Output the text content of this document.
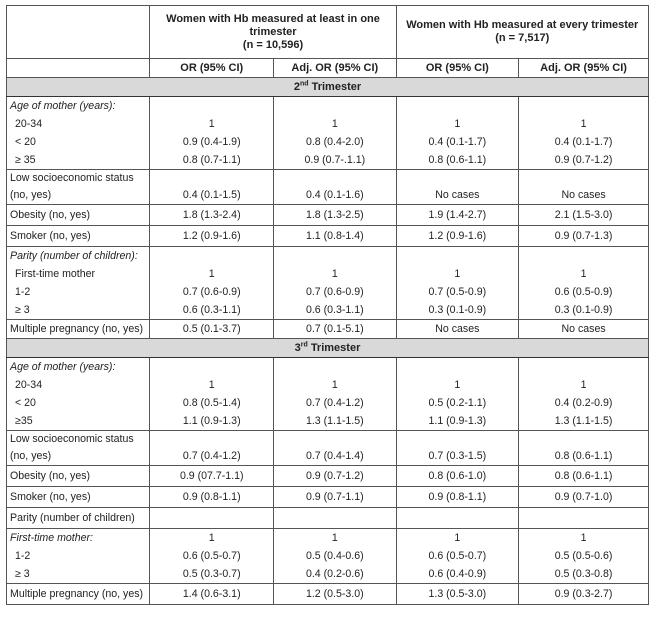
	Women with Hb measured at least in one trimester
(n = 10,596)		Women with Hb measured at every trimester
(n = 7,517)	
	OR (95% CI)	Adj. OR (95% CI)	OR (95% CI)	Adj. OR (95% CI)
2nd Trimester				
Age of mother (years):				
20-34	1	1	1	1
< 20	0.9 (0.4-1.9)	0.8 (0.4-2.0)	0.4 (0.1-1.7)	0.4 (0.1-1.7)
≥ 35	0.8 (0.7-1.1)	0.9 (0.7-.1.1)	0.8 (0.6-1.1)	0.9 (0.7-1.2)
Low socioeconomic status				
(no, yes)	0.4 (0.1-1.5)	0.4 (0.1-1.6)	No cases	No cases
Obesity (no, yes)	1.8 (1.3-2.4)	1.8 (1.3-2.5)	1.9 (1.4-2.7)	2.1 (1.5-3.0)
Smoker (no, yes)	1.2 (0.9-1.6)	1.1 (0.8-1.4)	1.2 (0.9-1.6)	0.9 (0.7-1.3)
Parity (number of children):				
First-time mother	1	1	1	1
1-2	0.7 (0.6-0.9)	0.7 (0.6-0.9)	0.7 (0.5-0.9)	0.6 (0.5-0.9)
≥ 3	0.6 (0.3-1.1)	0.6 (0.3-1.1)	0.3 (0.1-0.9)	0.3 (0.1-0.9)
Multiple pregnancy (no, yes)	0.5 (0.1-3.7)	0.7 (0.1-5.1)	No cases	No cases
3rd Trimester				
Age of mother (years):				
20-34	1	1	1	1
< 20	0.8 (0.5-1.4)	0.7 (0.4-1.2)	0.5 (0.2-1.1)	0.4 (0.2-0.9)
≥35	1.1 (0.9-1.3)	1.3 (1.1-1.5)	1.1 (0.9-1.3)	1.3 (1.1-1.5)
Low socioeconomic status				
(no, yes)	0.7 (0.4-1.2)	0.7 (0.4-1.4)	0.7 (0.3-1.5)	0.8 (0.6-1.1)
Obesity (no, yes)	0.9 (07.7-1.1)	0.9 (0.7-1.2)	0.8 (0.6-1.0)	0.8 (0.6-1.1)
Smoker (no, yes)	0.9 (0.8-1.1)	0.9 (0.7-1.1)	0.9 (0.8-1.1)	0.9 (0.7-1.0)
Parity (number of children)				
First-time mother:	1	1	1	1
1-2	0.6 (0.5-0.7)	0.5 (0.4-0.6)	0.6 (0.5-0.7)	0.5 (0.5-0.6)
≥ 3	0.5 (0.3-0.7)	0.4 (0.2-0.6)	0.6 (0.4-0.9)	0.5 (0.3-0.8)
Multiple pregnancy (no, yes)	1.4 (0.6-3.1)	1.2 (0.5-3.0)	1.3 (0.5-3.0)	0.9 (0.3-2.7)
